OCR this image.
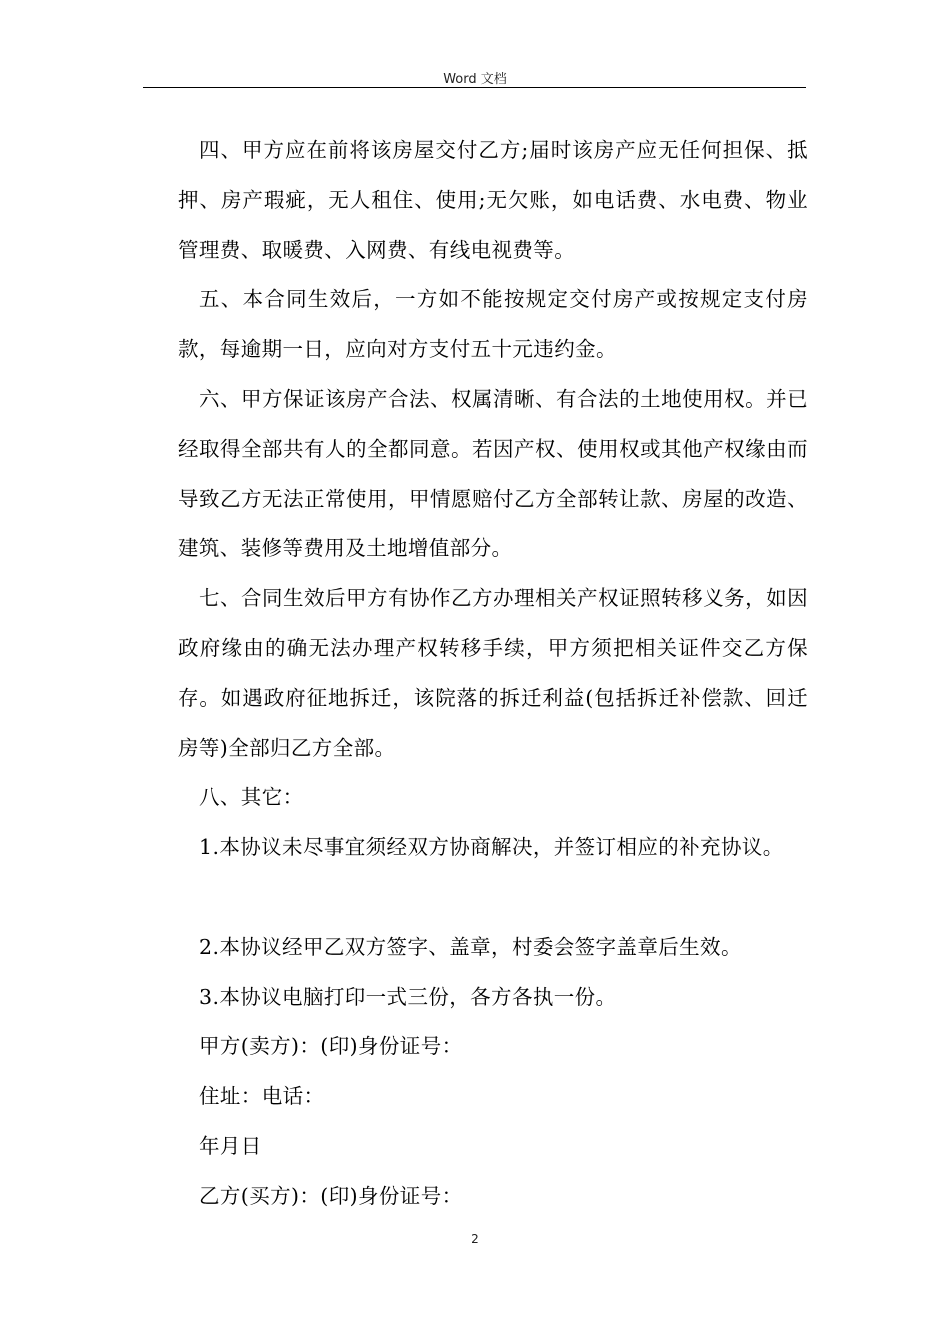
Word 文档

四、甲方应在前将该房屋交付乙方;届时该房产应无任何担保、抵押、房产瑕疵，无人租住、使用;无欠账，如电话费、水电费、物业管理费、取暖费、入网费、有线电视费等。

五、本合同生效后，一方如不能按规定交付房产或按规定支付房款，每逾期一日，应向对方支付五十元违约金。

六、甲方保证该房产合法、权属清晰、有合法的土地使用权。并已经取得全部共有人的全都同意。若因产权、使用权或其他产权缘由而导致乙方无法正常使用，甲情愿赔付乙方全部转让款、房屋的改造、建筑、装修等费用及土地增值部分。

七、合同生效后甲方有协作乙方办理相关产权证照转移义务，如因政府缘由的确无法办理产权转移手续，甲方须把相关证件交乙方保存。如遇政府征地拆迁，该院落的拆迁利益(包括拆迁补偿款、回迁房等)全部归乙方全部。

八、其它：

1.本协议未尽事宜须经双方协商解决，并签订相应的补充协议。

2.本协议经甲乙双方签字、盖章，村委会签字盖章后生效。

3.本协议电脑打印一式三份，各方各执一份。

甲方(卖方)：(印)身份证号：

住址：电话：

年月日

乙方(买方)：(印)身份证号：

2
